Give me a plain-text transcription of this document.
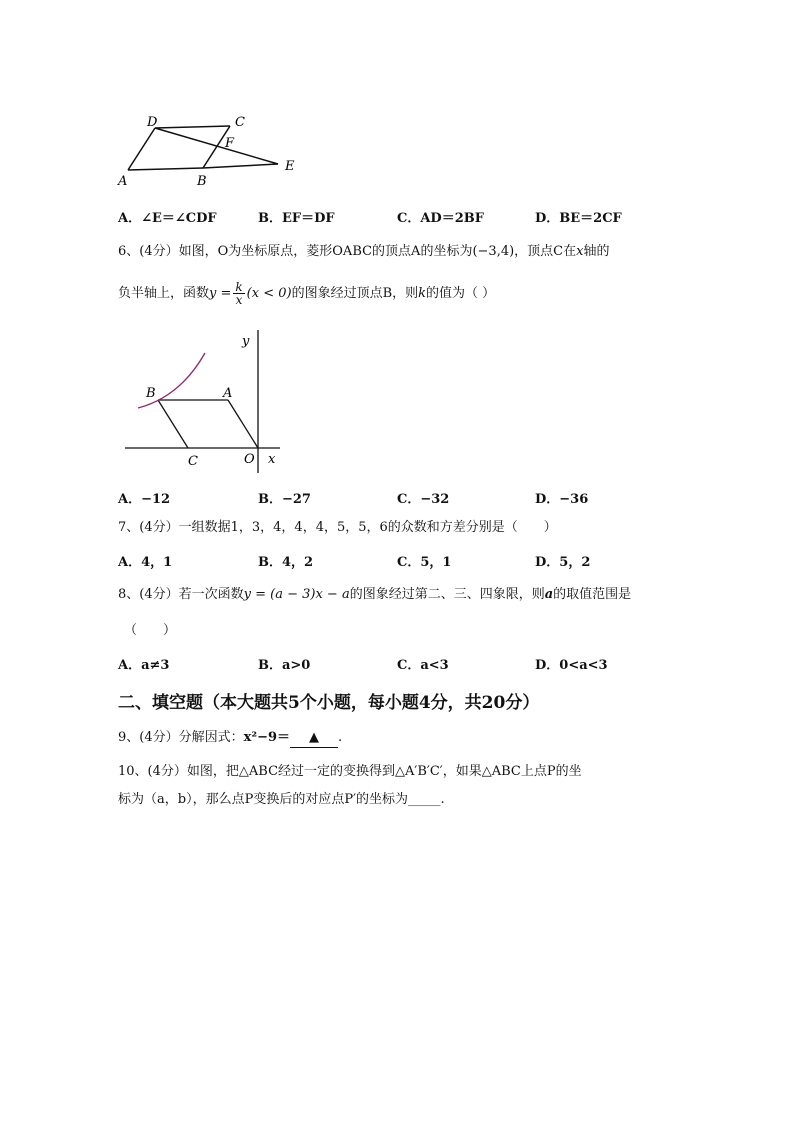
D	C
F
E
A	B
A．∠E＝∠CDF	B．EF＝DF	C．AD＝2BF	D．BE＝2CF
6、(4分）如图，O为坐标原点，菱形OABC的顶点A的坐标为(−3,4)，顶点C在x轴的
负半轴上，函数$y = \frac{k}{x} (x < 0)$的图象经过顶点B，则k的值为（ ）
y
B	A
C	O x
A．−12	B．−27	C．−32	D．−36
7、(4分）一组数据1，3，4，4，4，5，5，6的众数和方差分别是（　　）
A．4，1	B．4，2	C．5，1	D．5，2
8、(4分）若一次函数y = (a − 3)x − a的图象经过第二、三、四象限，则a的取值范围是
（　　）
A．a≠3	B．a>0	C．a<3	D．0<a<3
二、填空题（本大题共5个小题，每小题4分，共20分）
9、(4分）分解因式：x²−9＝ ▲ .
10、(4分）如图，把△ABC经过一定的变换得到△A′B′C′，如果△ABC上点P的坐
标为（a，b），那么点P变换后的对应点P′的坐标为_____.
